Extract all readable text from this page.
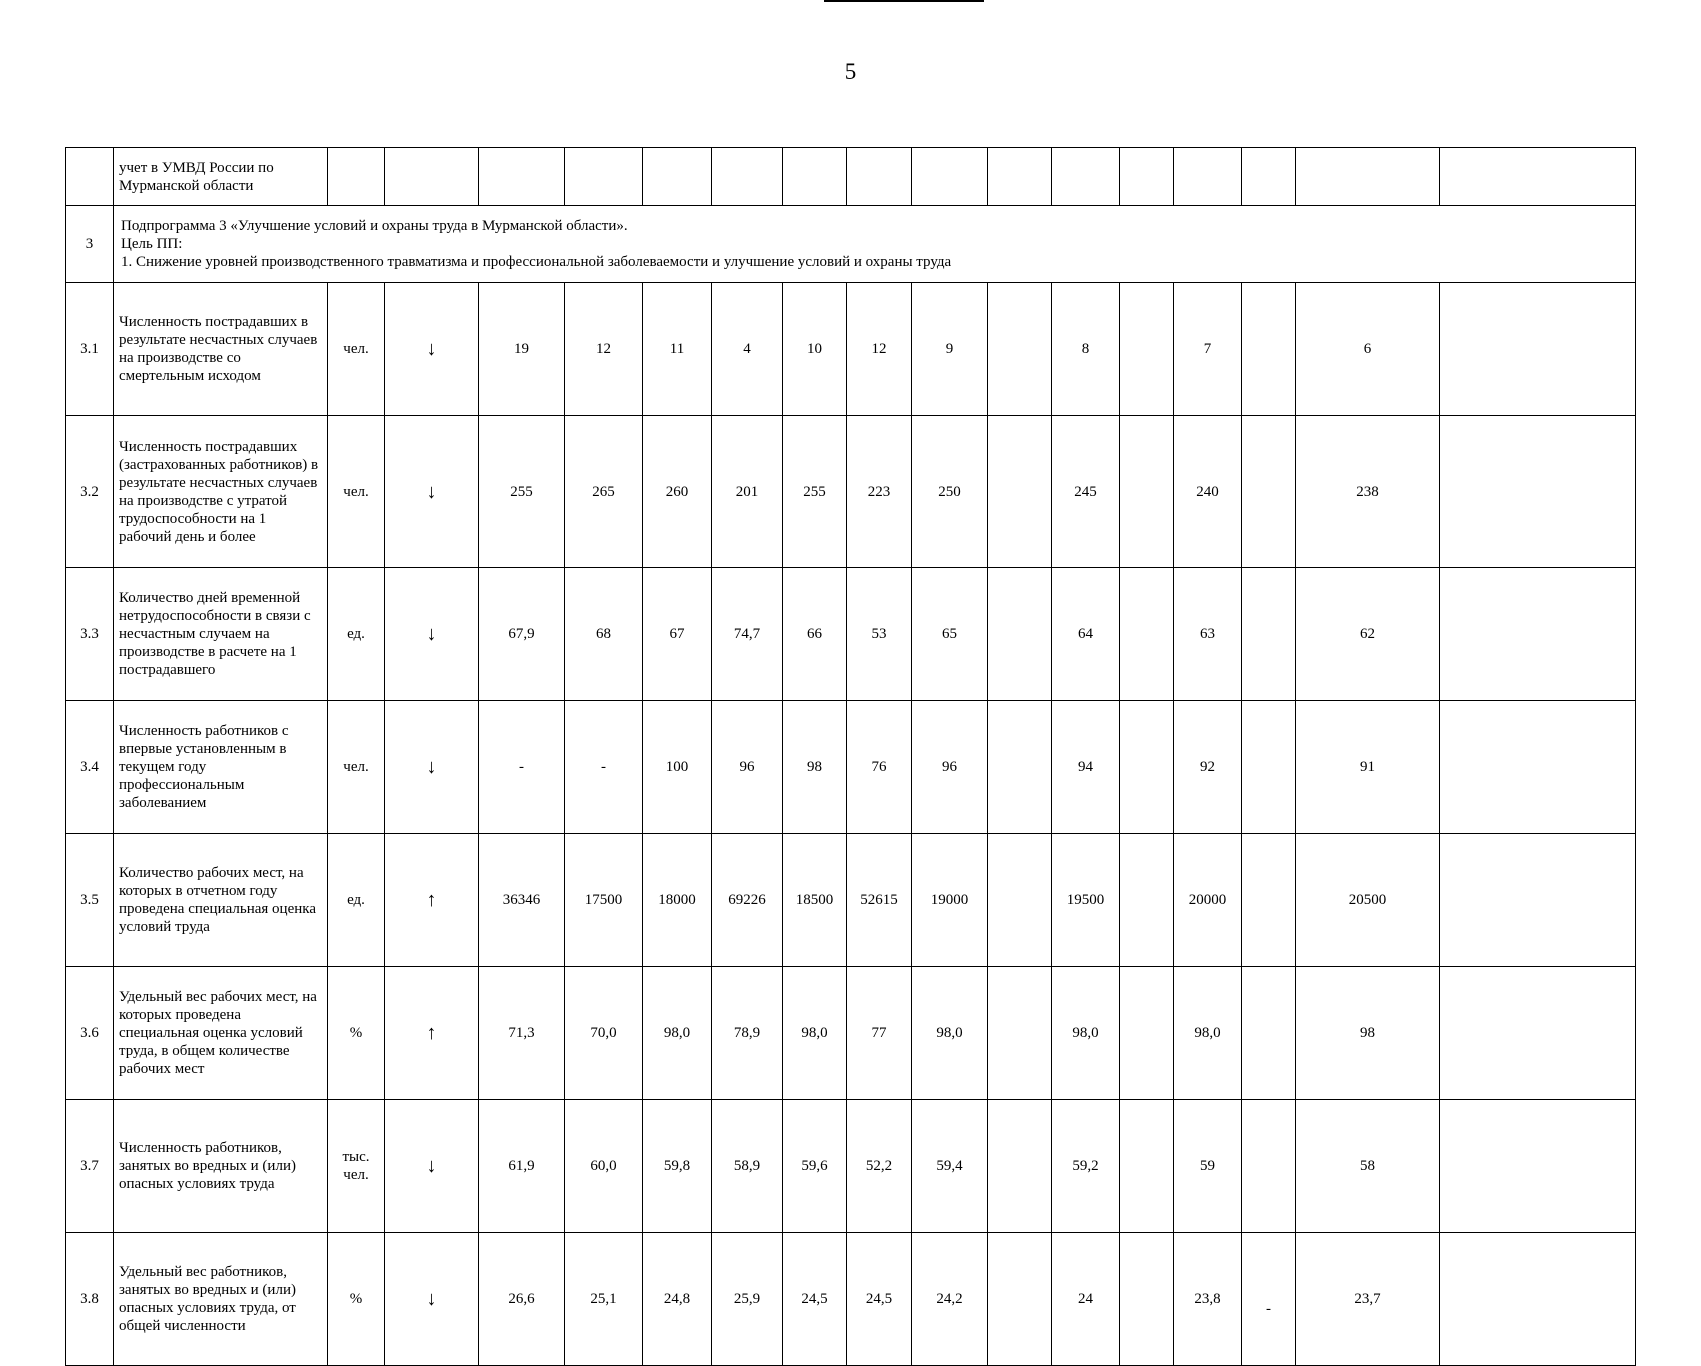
5
	учет в УМВД России по Мурманской области																	
3	Подпрограмма 3 «Улучшение условий и охраны труда в Мурманской области».
Цель ПП:
1. Снижение уровней производственного травматизма и профессиональной заболеваемости и улучшение условий и охраны труда																	

3.1	Численность пострадавших в результате несчастных случаев на производстве со смертельным исходом	чел.	↓	19	12	11	4	10	12	9		8		7		6		
3.2	Численность пострадавших (застрахованных работников) в результате несчастных случаев на производстве с утратой трудоспособности на 1 рабочий день и более	чел.	↓	255	265	260	201	255	223	250		245		240		238		
3.3	Количество дней временной нетрудоспособности в связи с несчастным случаем на производстве в расчете на 1 пострадавшего	ед.	↓	67,9	68	67	74,7	66	53	65		64		63		62		
3.4	Численность работников с впервые установленным в текущем году профессиональным заболеванием	чел.	↓	-	-	100	96	98	76	96		94		92		91		
3.5	Количество рабочих мест, на которых в отчетном году проведена специальная оценка условий труда	ед.	↑	36346	17500	18000	69226	18500	52615	19000		19500		20000		20500		
3.6	Удельный вес рабочих мест, на которых проведена специальная оценка условий труда, в общем количестве рабочих мест	%	↑	71,3	70,0	98,0	78,9	98,0	77	98,0		98,0		98,0		98		
3.7	Численность работников, занятых во вредных и (или) опасных условиях труда	тыс. чел.	↓	61,9	60,0	59,8	58,9	59,6	52,2	59,4		59,2		59		58		
3.8	Удельный вес работников, занятых во вредных и (или) опасных условиях труда, от общей численности	%	↓	26,6	25,1	24,8	25,9	24,5	24,5	24,2		24		23,8	-	23,7		
